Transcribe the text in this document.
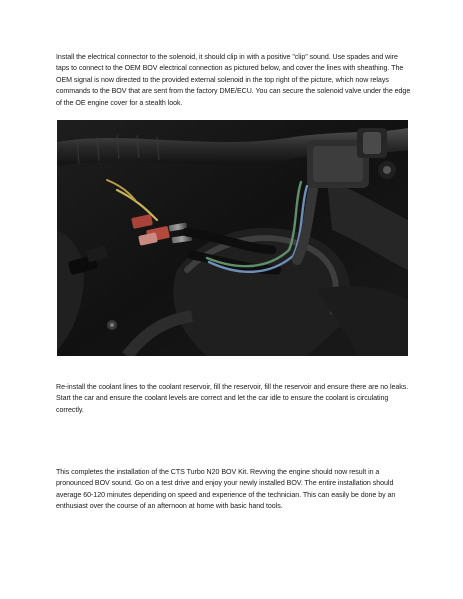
Install the electrical connector to the solenoid, it should clip in with a positive "clip" sound. Use spades and wire taps to connect to the OEM BOV electrical connection as pictured below, and cover the lines with sheathing. The OEM signal is now directed to the provided external solenoid in the top right of the picture, which now relays commands to the BOV that are sent from the factory DME/ECU. You can secure the solenoid valve under the edge of the OE engine cover for a stealth look.

Re-install the coolant lines to the coolant reservoir, fill the reservoir, fill the reservoir and ensure there are no leaks. Start the car and ensure the coolant levels are correct and let the car idle to ensure the coolant is circulating correctly.

This completes the installation of the CTS Turbo N20 BOV Kit. Revving the engine should now result in a pronounced BOV sound. Go on a test drive and enjoy your newly installed BOV. The entire installation should average 60-120 minutes depending on speed and experience of the technician. This can easily be done by an enthusiast over the course of an afternoon at home with basic hand tools.
